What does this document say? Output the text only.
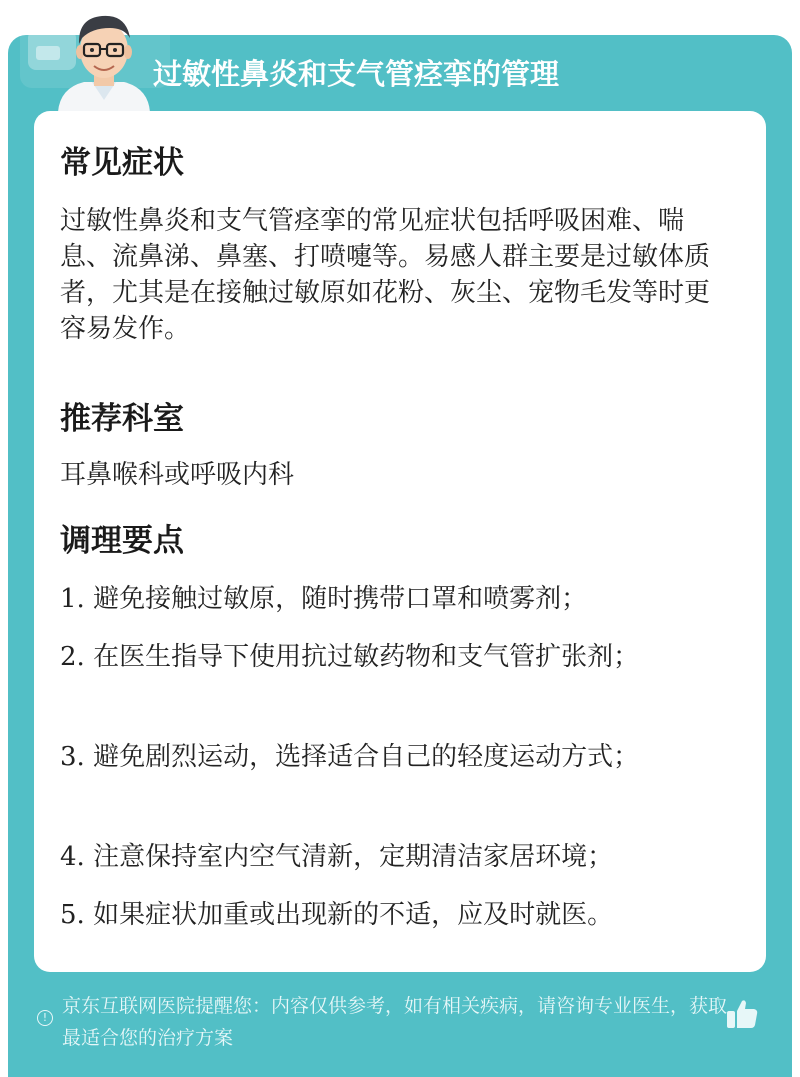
过敏性鼻炎和支气管痉挛的管理
常见症状
过敏性鼻炎和支气管痉挛的常见症状包括呼吸困难、喘息、流鼻涕、鼻塞、打喷嚏等。易感人群主要是过敏体质者，尤其是在接触过敏原如花粉、灰尘、宠物毛发等时更容易发作。
推荐科室
耳鼻喉科或呼吸内科
调理要点
1. 避免接触过敏原，随时携带口罩和喷雾剂；
2. 在医生指导下使用抗过敏药物和支气管扩张剂；
3. 避免剧烈运动，选择适合自己的轻度运动方式；
4. 注意保持室内空气清新，定期清洁家居环境；
5. 如果症状加重或出现新的不适，应及时就医。
!
京东互联网医院提醒您：内容仅供参考，如有相关疾病，请咨询专业医生，获取最适合您的治疗方案
